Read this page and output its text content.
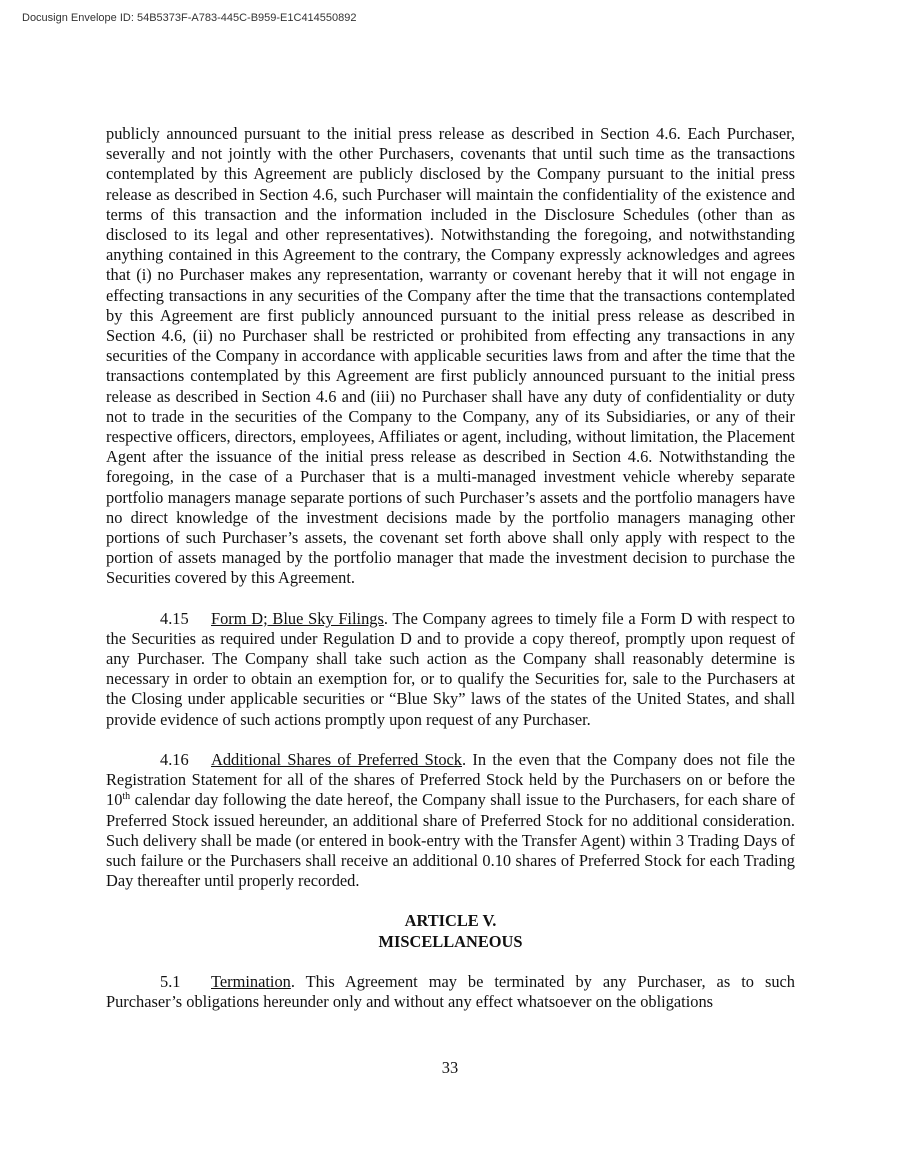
Docusign Envelope ID: 54B5373F-A783-445C-B959-E1C414550892

publicly announced pursuant to the initial press release as described in Section 4.6. Each Purchaser, severally and not jointly with the other Purchasers, covenants that until such time as the transactions contemplated by this Agreement are publicly disclosed by the Company pursuant to the initial press release as described in Section 4.6, such Purchaser will maintain the confidentiality of the existence and terms of this transaction and the information included in the Disclosure Schedules (other than as disclosed to its legal and other representatives). Notwithstanding the foregoing, and notwithstanding anything contained in this Agreement to the contrary, the Company expressly acknowledges and agrees that (i) no Purchaser makes any representation, warranty or covenant hereby that it will not engage in effecting transactions in any securities of the Company after the time that the transactions contemplated by this Agreement are first publicly announced pursuant to the initial press release as described in Section 4.6, (ii) no Purchaser shall be restricted or prohibited from effecting any transactions in any securities of the Company in accordance with applicable securities laws from and after the time that the transactions contemplated by this Agreement are first publicly announced pursuant to the initial press release as described in Section 4.6 and (iii) no Purchaser shall have any duty of confidentiality or duty not to trade in the securities of the Company to the Company, any of its Subsidiaries, or any of their respective officers, directors, employees, Affiliates or agent, including, without limitation, the Placement Agent after the issuance of the initial press release as described in Section 4.6. Notwithstanding the foregoing, in the case of a Purchaser that is a multi-managed investment vehicle whereby separate portfolio managers manage separate portions of such Purchaser’s assets and the portfolio managers have no direct knowledge of the investment decisions made by the portfolio managers managing other portions of such Purchaser’s assets, the covenant set forth above shall only apply with respect to the portion of assets managed by the portfolio manager that made the investment decision to purchase the Securities covered by this Agreement.

4.15 Form D; Blue Sky Filings. The Company agrees to timely file a Form D with respect to the Securities as required under Regulation D and to provide a copy thereof, promptly upon request of any Purchaser. The Company shall take such action as the Company shall reasonably determine is necessary in order to obtain an exemption for, or to qualify the Securities for, sale to the Purchasers at the Closing under applicable securities or “Blue Sky” laws of the states of the United States, and shall provide evidence of such actions promptly upon request of any Purchaser.

4.16 Additional Shares of Preferred Stock. In the even that the Company does not file the Registration Statement for all of the shares of Preferred Stock held by the Purchasers on or before the 10th calendar day following the date hereof, the Company shall issue to the Purchasers, for each share of Preferred Stock issued hereunder, an additional share of Preferred Stock for no additional consideration. Such delivery shall be made (or entered in book-entry with the Transfer Agent) within 3 Trading Days of such failure or the Purchasers shall receive an additional 0.10 shares of Preferred Stock for each Trading Day thereafter until properly recorded.

ARTICLE V.
MISCELLANEOUS

5.1 Termination. This Agreement may be terminated by any Purchaser, as to such Purchaser’s obligations hereunder only and without any effect whatsoever on the obligations

33
